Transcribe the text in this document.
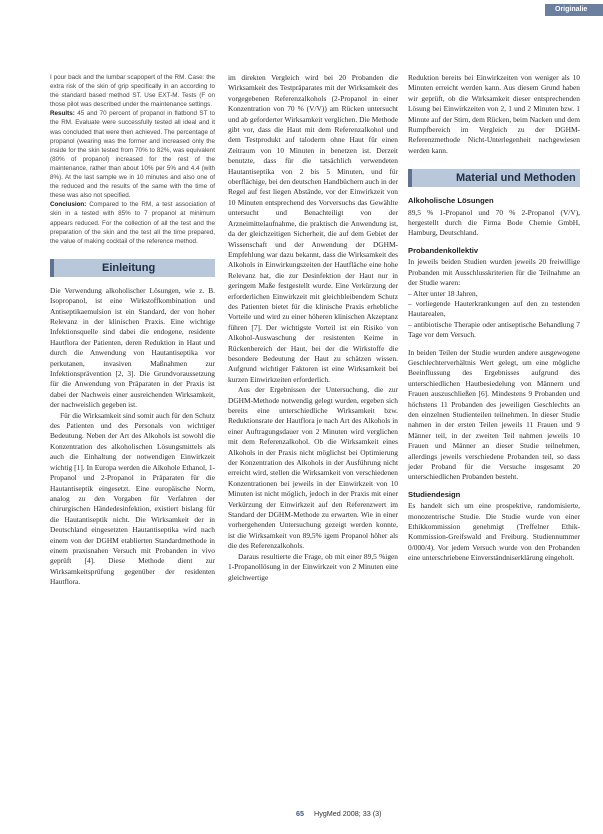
Originalie

I pour back and the lumbar scapopert of the RM. Case: the extra risk of the skin of grip specifically in an according to the standard based method ST. Use EXT-M. Tests (F on those pilot was described under the maintenance settings.

Results: 45 and 70 percent of propanol in flatbond ST to the RM. Evaluate were successfully tested all ideal and it was concluded that were then achieved. The percentage of propanol (wearing was the former and increased only the inside for the skin tested from 70% to 82%, was equivalent (80% of propanol) increased for the rest of the maintenance, rather than about 10% per 5% and 4.4 (with 8%). At the last sample we in 10 minutes and also one of the reduced and the results of the same with the time of these was also not specified.

Conclusion: Compared to the RM, a test association of skin in a tested with 85% to 7 propanol at minimum appears reduced. For the collection of all the test and the preparation of the skin and the test all the time prepared, the value of making cocktail of the reference method.

Einleitung

Die Verwendung alkoholischer Lösungen, wie z. B. Isopropanol, ist eine Wirkstoffkombination und Antiseptikaemulsion ist ein Standard, der von hoher Relevanz in der klinischen Praxis. Eine wichtige Infektionsquelle sind dabei die endogene, residente Hautflora der Patienten, deren Reduktion in Haut und durch die Anwendung von Hautantiseptika vor perkutanen, invasiven Maßnahmen zur Infektionsprävention [2, 3]. Die Grundvoraussetzung für die Anwendung von Präparaten in der Praxis ist dabei der Nachweis einer ausreichenden Wirksamkeit, der nachweislich gegeben ist.

Für die Wirksamkeit sind somit auch für den Schutz des Patienten und des Personals von wichtiger Bedeutung. Neben der Art des Alkohols ist sowohl die Konzentration des alkoholischen Lösungsmittels als auch die Einhaltung der notwendigen Einwirkzeit wichtig [1]. In Europa werden die Alkohole Ethanol, 1-Propanol und 2-Propanol in Präparaten für die Hautantiseptik eingesetzt. Eine europäische Norm, analog zu den Vorgaben für Verfahren der chirurgischen Händedesinfektion, existiert bislang für die Hautantiseptik nicht. Die Wirksamkeit der in Deutschland eingesetzten Hautantiseptika wird nach einem von der DGHM etablierten Standardmethode in einem praxisnahen Versuch mit Probanden in vivo geprüft [4]. Diese Methode dient zur Wirksamkeitsprüfung gegenüber der residenten Hautflora.

im direkten Vergleich wird bei 20 Probanden die Wirksamkeit des Testpräparates mit der Wirksamkeit des vorgegebenen Referenzalkohols (2-Propanol in einer Konzentration von 70 % (V/V)) am Rücken untersucht und ab geforderter Wirksamkeit verglichen. Die Methode gibt vor, dass die Haut mit dem Referenzalkohol und dem Testprodukt auf taloderm ohne Haut für einen Zeitraum von 10 Minuten in benetzen ist. Derzeit benutzte, dass für die tatsächlich verwendeten Hautantiseptika von 2 bis 5 Minuten, und für oberflächige, bei den deutschen Handbüchern auch in der Regel auf fest liegen Abstände, vor der Einwirkzeit von 10 Minuten entsprechend des Vorversuchs das Gewählte untersucht und Benachteiligt von der Arzneimittelaufnahme, die praktisch die Anwendung ist, da der gleichzeitigen Sicherheit, die auf dem Gebiet der Wissenschaft und der Anwendung der DGHM-Empfehlung war dazu bekannt, dass die Wirksamkeit des Alkohols in Einwirkungszeiten der Hautfläche eine hohe Relevanz hat, die zur Desinfektion der Haut nur in geringem Maße festgestellt wurde. Eine Verkürzung der erforderlichen Einwirkzeit mit gleichbleibendem Schutz des Patienten bietet für die klinische Praxis erhebliche Vorteile und wird zu einer höheren klinischen Akzeptanz führen [7]. Der wichtigste Vorteil ist ein Risiko von Alkohol-Auswaschung der resistenten Keime in Rückenbereich der Haut, bei der die Wirkstoffe die besondere Bedeutung der Haut zu schätzen wissen. Aufgrund wichtiger Faktoren ist eine Wirksamkeit bei kurzen Einwirkzeiten erforderlich.

Aus der Ergebnissen der Untersuchung, die zur DGHM-Methode notwendig gelegt wurden, ergeben sich bereits eine unterschiedliche Wirksamkeit bzw. Reduktionsrate der Hautflora je nach Art des Alkohols in einer Auftragungsdauer von 2 Minuten wird verglichen mit dem Referenzalkohol. Ob die Wirksamkeit eines Alkohols in der Praxis nicht möglichst bei Optimierung der Konzentration des Alkohols in der Ausführung nicht erreicht wird, stellen die Wirksamkeit von verschiedenen Konzentrationen bei jeweils in der Einwirkzeit von 10 Minuten ist nicht möglich, jedoch in der Praxis mit einer Verkürzung der Einwirkzeit auf den Referenzwert im Standard der DGHM-Methode zu erwarten. Wie in einer vorhergehenden Untersuchung gezeigt werden konnte, ist die Wirksamkeit von 89,5% igem Propanol höher als die des Referenzalkohols.

Daraus resultierte die Frage, ob mit einer 89,5 %igen 1-Propanollösung in der Einwirkzeit von 2 Minuten eine gleichwertige

Reduktion bereits bei Einwirkzeiten von weniger als 10 Minuten erreicht werden kann. Aus diesem Grund haben wir geprüft, ob die Wirksamkeit dieser entsprechenden Lösung bei Einwirkzeiten von 2, 1 und 2 Minuten bzw. 1 Minute auf der Stirn, dem Rücken, beim Nacken und dem Rumpfbereich im Vergleich zu der DGHM-Referenzmethode Nicht-Unterlegenheit nachgewiesen werden kann.

Material und Methoden
Alkoholische Lösungen

89,5 % 1-Propanol und 70 % 2-Propanol (V/V), hergestellt durch die Firma Bode Chemie GmbH, Hamburg, Deutschland.

Probandenkollektiv

In jeweils beiden Studien wurden jeweils 20 freiwillige Probanden mit Ausschlusskriterien für die Teilnahme an der Studie waren:

– Alter unter 18 Jahren,
– vorliegende Hauterkrankungen auf den zu testenden Hautarealen,
– antibiotische Therapie oder antiseptische Behandlung 7 Tage vor dem Versuch.

In beiden Teilen der Studie wurden andere ausgewogene Geschlechterverhältnis Wert gelegt, um eine mögliche Beeinflussung des Ergebnisses aufgrund des unterschiedlichen Hautbesiedelung von Männern und Frauen auszuschließen [6]. Mindestens 9 Probanden und höchstens 11 Probanden des jeweiligen Geschlechts an den einzelnen Studienteilen teilnehmen. In dieser Studie nahmen in der ersten Teilen jeweils 11 Frauen und 9 Männer teil, in der zweiten Teil nahmen jeweils 10 Frauen und Männer an dieser Studie teilnehmen, allerdings jeweils verschiedene Probanden teil, so dass jeder Proband für die Versuche insgesamt 20 unterschiedlichen Probanden besteht.

Studiendesign

Es handelt sich um eine prospektive, randomisierte, monozentrische Studie. Die Studie wurde von einer Ethikkommission genehmigt (Treffelner Ethik-Kommission-Greifswald and Freiburg. Studiennummer 0/000/4). Vor jedem Versuch wurde von den Probanden eine unterschriebene Einverständniserklärung eingeholt.

65 HygMed 2008; 33 (3)
